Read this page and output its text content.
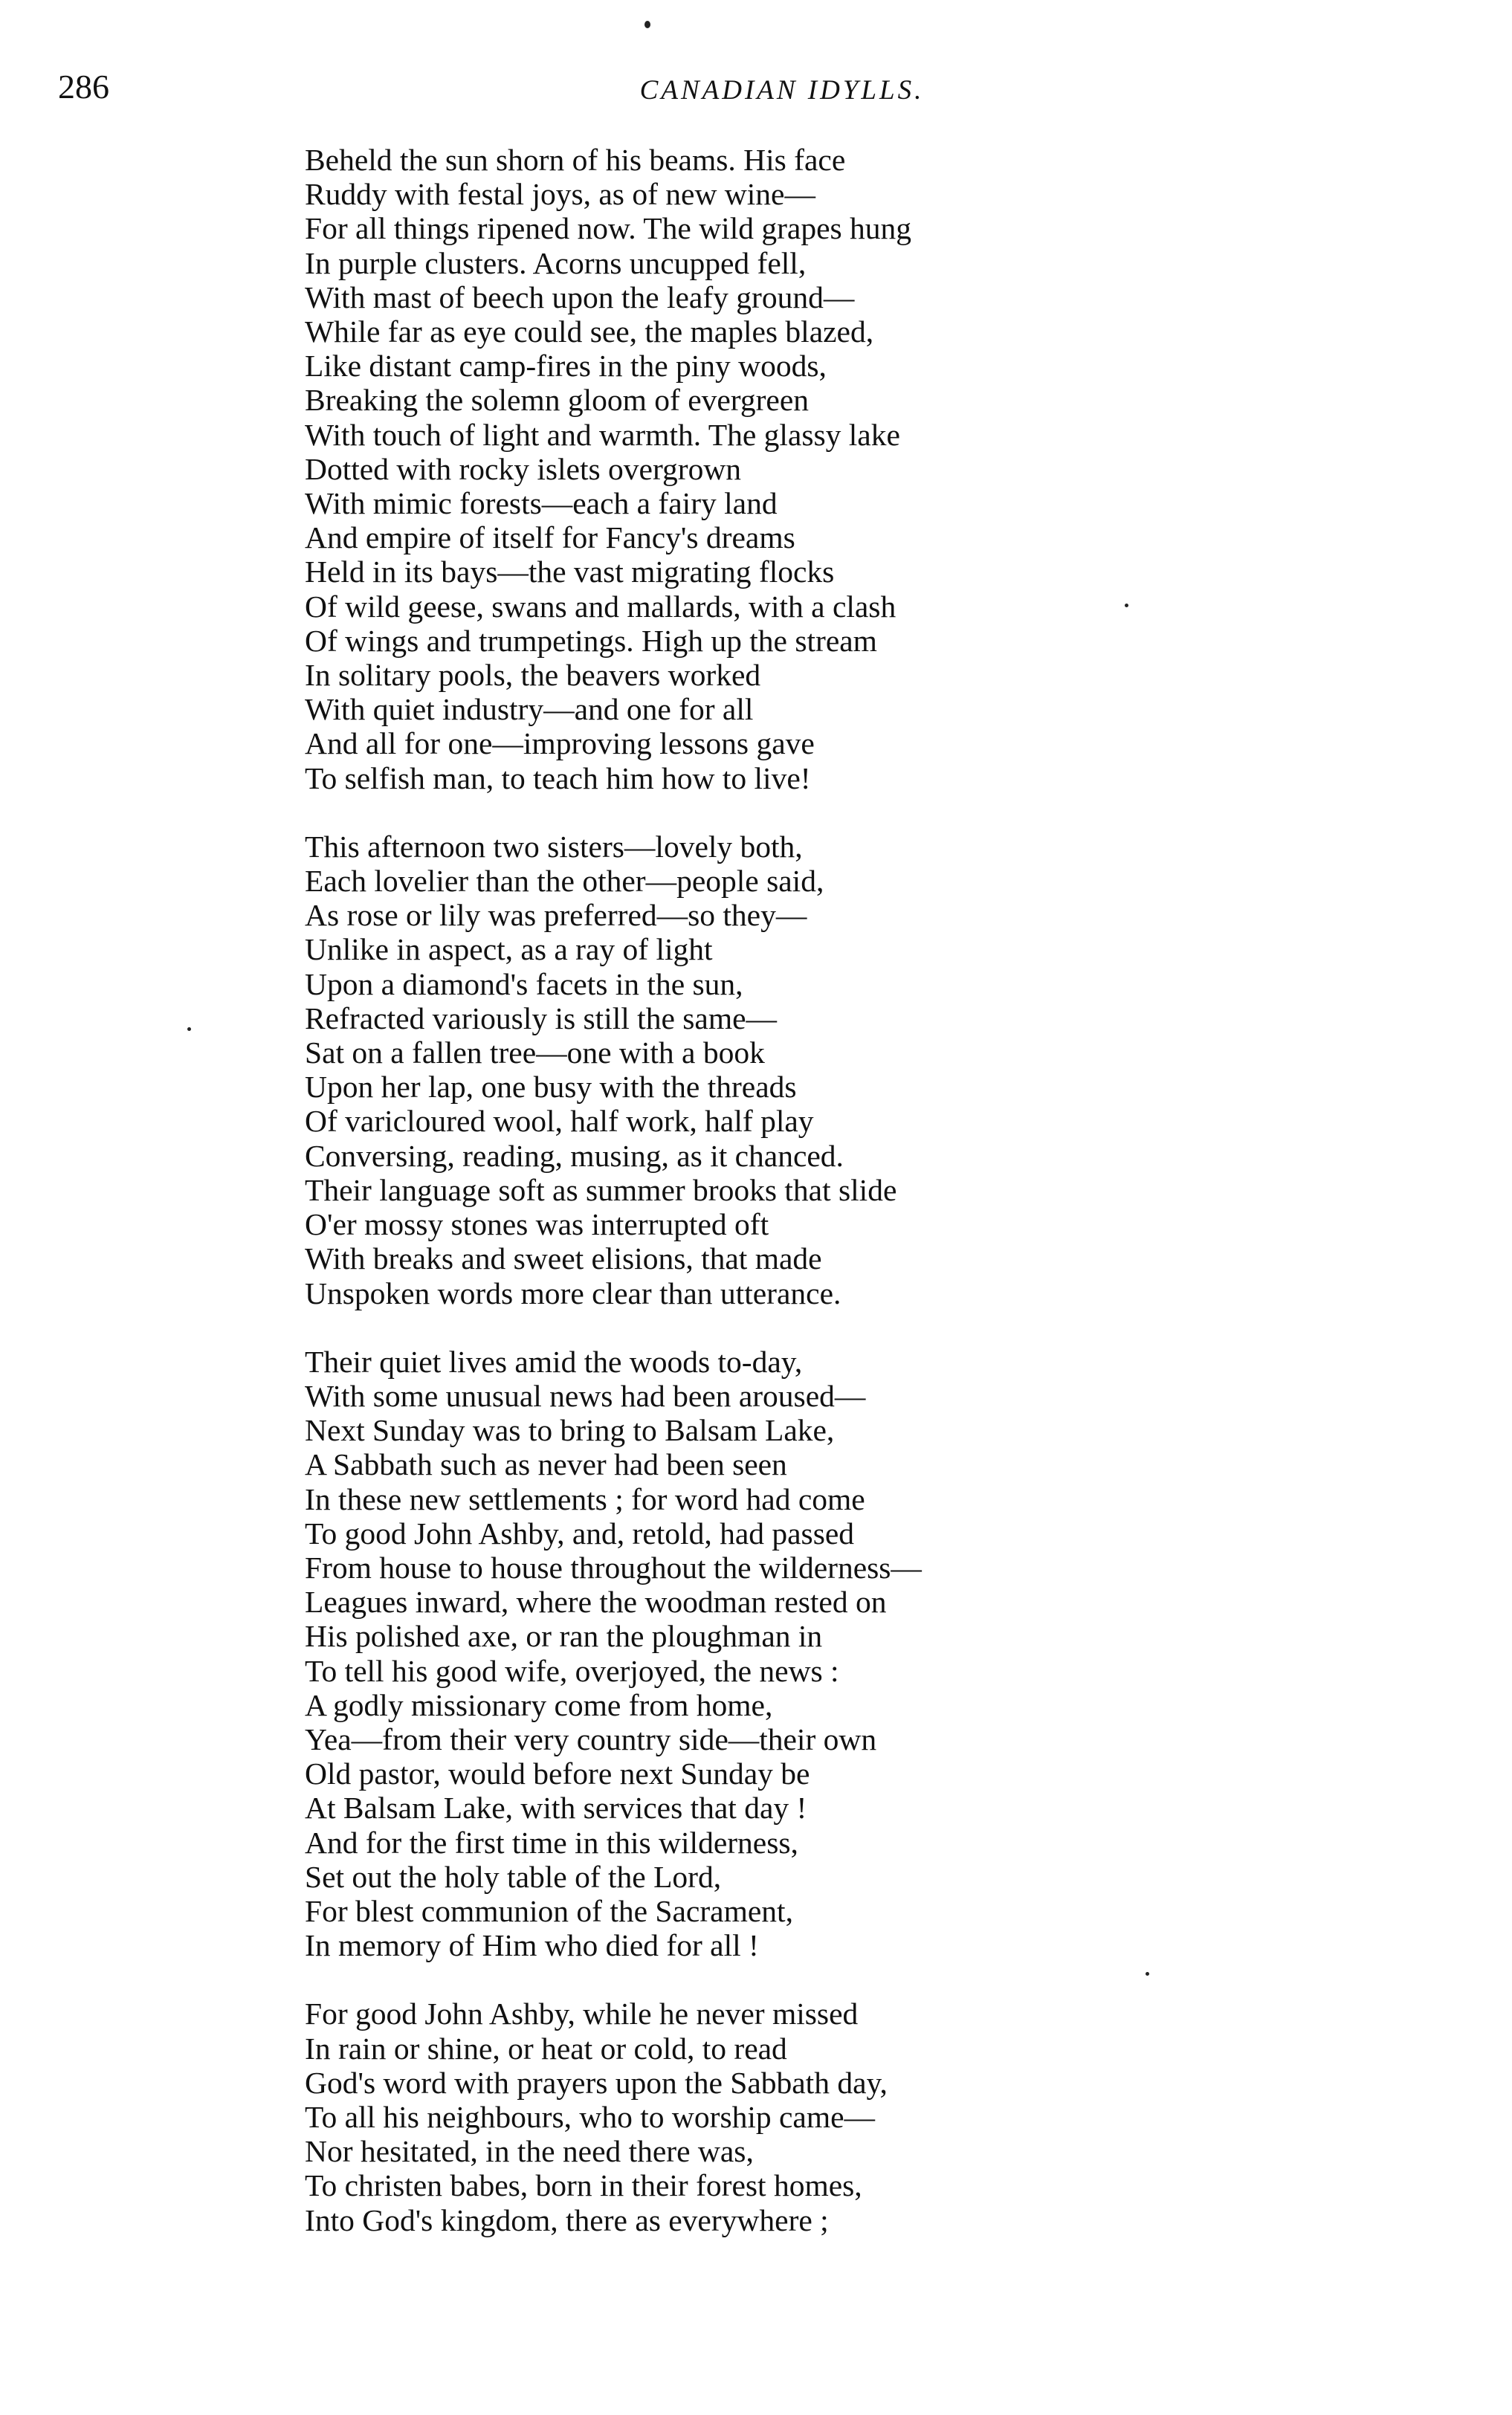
286	CANADIAN IDYLLS.
Beheld the sun shorn of his beams. His face
Ruddy with festal joys, as of new wine—
For all things ripened now. The wild grapes hung
In purple clusters. Acorns uncupped fell,
With mast of beech upon the leafy ground—
While far as eye could see, the maples blazed,
Like distant camp-fires in the piny woods,
Breaking the solemn gloom of evergreen
With touch of light and warmth. The glassy lake
Dotted with rocky islets overgrown
With mimic forests—each a fairy land
And empire of itself for Fancy's dreams
Held in its bays—the vast migrating flocks
Of wild geese, swans and mallards, with a clash
Of wings and trumpetings. High up the stream
In solitary pools, the beavers worked
With quiet industry—and one for all
And all for one—improving lessons gave
To selfish man, to teach him how to live!
This afternoon two sisters—lovely both,
Each lovelier than the other—people said,
As rose or lily was preferred—so they—
Unlike in aspect, as a ray of light
Upon a diamond's facets in the sun,
Refracted variously is still the same—
Sat on a fallen tree—one with a book
Upon her lap, one busy with the threads
Of varicloured wool, half work, half play
Conversing, reading, musing, as it chanced.
Their language soft as summer brooks that slide
O'er mossy stones was interrupted oft
With breaks and sweet elisions, that made
Unspoken words more clear than utterance.
Their quiet lives amid the woods to-day,
With some unusual news had been aroused—
Next Sunday was to bring to Balsam Lake,
A Sabbath such as never had been seen
In these new settlements ; for word had come
To good John Ashby, and, retold, had passed
From house to house throughout the wilderness—
Leagues inward, where the woodman rested on
His polished axe, or ran the ploughman in
To tell his good wife, overjoyed, the news :
A godly missionary come from home,
Yea—from their very country side—their own
Old pastor, would before next Sunday be
At Balsam Lake, with services that day !
And for the first time in this wilderness,
Set out the holy table of the Lord,
For blest communion of the Sacrament,
In memory of Him who died for all !
For good John Ashby, while he never missed
In rain or shine, or heat or cold, to read
God's word with prayers upon the Sabbath day,
To all his neighbours, who to worship came—
Nor hesitated, in the need there was,
To christen babes, born in their forest homes,
Into God's kingdom, there as everywhere ;
